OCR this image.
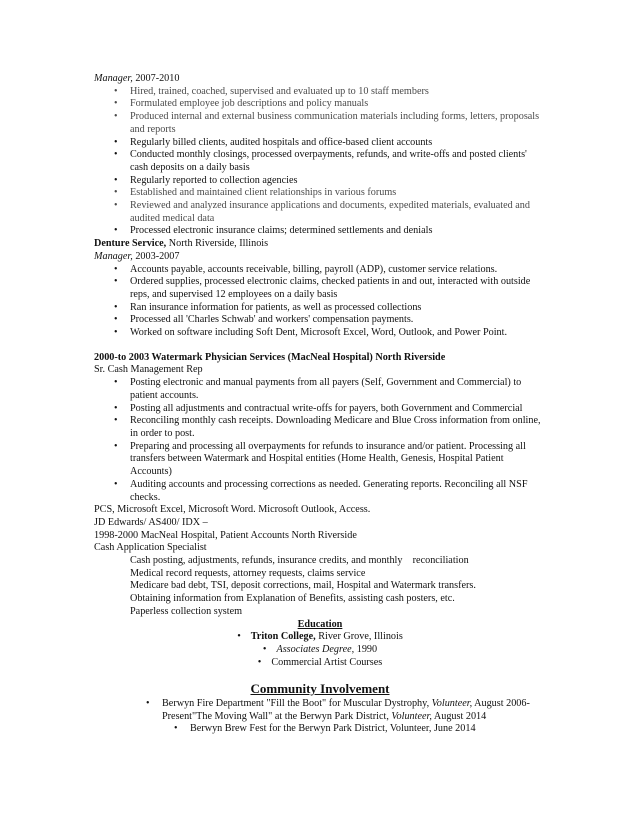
Manager, 2007-2010
• Hired, trained, coached, supervised and evaluated up to 10 staff members
• Formulated employee job descriptions and policy manuals
• Produced internal and external business communication materials including forms, letters, proposals and reports
• Regularly billed clients, audited hospitals and office-based client accounts
• Conducted monthly closings, processed overpayments, refunds, and write-offs and posted clients' cash deposits on a daily basis
• Regularly reported to collection agencies
• Established and maintained client relationships in various forums
• Reviewed and analyzed insurance applications and documents, expedited materials, evaluated and audited medical data
• Processed electronic insurance claims; determined settlements and denials
Denture Service, North Riverside, Illinois
Manager, 2003-2007
• Accounts payable, accounts receivable, billing, payroll (ADP), customer service relations.
• Ordered supplies, processed electronic claims, checked patients in and out, interacted with outside reps, and supervised 12 employees on a daily basis
• Ran insurance information for patients, as well as processed collections
• Processed all 'Charles Schwab' and workers' compensation payments.
• Worked on software including Soft Dent, Microsoft Excel, Word, Outlook, and Power Point.
2000-to 2003 Watermark Physician Services (MacNeal Hospital) North Riverside
Sr. Cash Management Rep
• Posting electronic and manual payments from all payers (Self, Government and Commercial) to patient accounts.
• Posting all adjustments and contractual write-offs for payers, both Government and Commercial
• Reconciling monthly cash receipts. Downloading Medicare and Blue Cross information from online, in order to post.
• Preparing and processing all overpayments for refunds to insurance and/or patient. Processing all transfers between Watermark and Hospital entities (Home Health, Genesis, Hospital Patient Accounts)
• Auditing accounts and processing corrections as needed. Generating reports. Reconciling all NSF checks.
PCS, Microsoft Excel, Microsoft Word. Microsoft Outlook, Access.
JD Edwards/ AS400/ IDX –
1998-2000 MacNeal Hospital, Patient Accounts North Riverside
Cash Application Specialist
Cash posting, adjustments, refunds, insurance credits, and monthly    reconciliation
Medical record requests, attorney requests, claims service
Medicare bad debt, TSI, deposit corrections, mail, Hospital and Watermark transfers.
Obtaining information from Explanation of Benefits, assisting cash posters, etc.
Paperless collection system
Education
• Triton College, River Grove, Illinois
• Associates Degree, 1990
• Commercial Artist Courses
Community Involvement
• Berwyn Fire Department "Fill the Boot" for Muscular Dystrophy, Volunteer, August 2006-Present"The Moving Wall" at the Berwyn Park District, Volunteer, August 2014
• Berwyn Brew Fest for the Berwyn Park District, Volunteer, June 2014
